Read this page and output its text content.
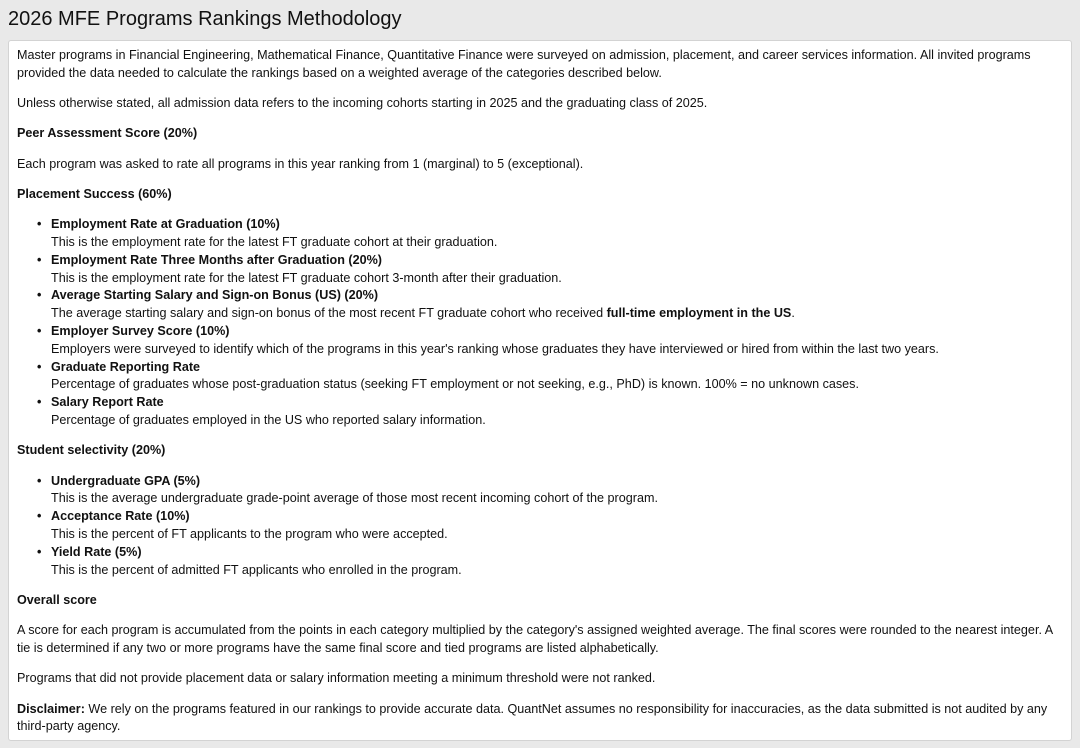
2026 MFE Programs Rankings Methodology

Master programs in Financial Engineering, Mathematical Finance, Quantitative Finance were surveyed on admission, placement, and career services information. All invited programs provided the data needed to calculate the rankings based on a weighted average of the categories described below.

Unless otherwise stated, all admission data refers to the incoming cohorts starting in 2025 and the graduating class of 2025.

Peer Assessment Score (20%)

Each program was asked to rate all programs in this year ranking from 1 (marginal) to 5 (exceptional).

Placement Success (60%)

• Employment Rate at Graduation (10%)
This is the employment rate for the latest FT graduate cohort at their graduation.
• Employment Rate Three Months after Graduation (20%)
This is the employment rate for the latest FT graduate cohort 3-month after their graduation.
• Average Starting Salary and Sign-on Bonus (US) (20%)
The average starting salary and sign-on bonus of the most recent FT graduate cohort who received full-time employment in the US.
• Employer Survey Score (10%)
Employers were surveyed to identify which of the programs in this year's ranking whose graduates they have interviewed or hired from within the last two years.
• Graduate Reporting Rate
Percentage of graduates whose post-graduation status (seeking FT employment or not seeking, e.g., PhD) is known. 100% = no unknown cases.
• Salary Report Rate
Percentage of graduates employed in the US who reported salary information.

Student selectivity (20%)

• Undergraduate GPA (5%)
This is the average undergraduate grade-point average of those most recent incoming cohort of the program.
• Acceptance Rate (10%)
This is the percent of FT applicants to the program who were accepted.
• Yield Rate (5%)
This is the percent of admitted FT applicants who enrolled in the program.

Overall score

A score for each program is accumulated from the points in each category multiplied by the category's assigned weighted average. The final scores were rounded to the nearest integer. A tie is determined if any two or more programs have the same final score and tied programs are listed alphabetically.

Programs that did not provide placement data or salary information meeting a minimum threshold were not ranked.

Disclaimer: We rely on the programs featured in our rankings to provide accurate data. QuantNet assumes no responsibility for inaccuracies, as the data submitted is not audited by any third-party agency.
